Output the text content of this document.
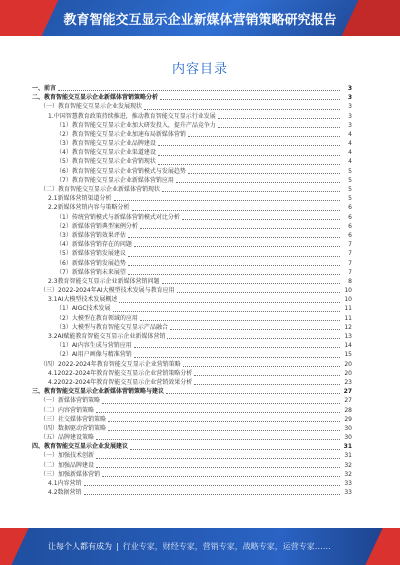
教育智能交互显示企业新媒体营销策略研究报告
内容目录
一、 前言	3
二、 教育智能交互显示企业新媒体营销策略分析	3
（一） 教育智能交互显示企业发展现状	3
1. 中国智慧教育政策持续推进，推动教育智能交互显示行业发展	3
（1） 教育智能交互显示企业加大研发投入，提升产品竞争力	3
（2） 教育智能交互显示企业加速布局新媒体营销	4
（3） 教育智能交互显示企业品牌建设	4
（4） 教育智能交互显示企业渠道建设	4
（5） 教育智能交互显示企业营销现状	4
（6） 教育智能交互显示企业营销模式与发展趋势	5
（7） 教育智能交互显示企业新媒体营销应用	5
（二） 教育智能交互显示企业新媒体营销现状	5
2.1 新媒体营销渠道分析	5
2.2 新媒体营销内容与策略分析	6
（1） 传统营销模式与新媒体营销模式对比分析	6
（2） 新媒体营销典型案例分析	6
（3） 新媒体营销效果评估	6
（4） 新媒体营销存在的问题	7
（5） 新媒体营销发展建议	7
（6） 新媒体营销发展趋势	7
（7） 新媒体营销未来展望	7
2.3 教育智能交互显示企业新媒体营销问题	8
（三） 2022-2024年AI大模型技术发展与教育应用	10
3.1 AI大模型技术发展概述	10
（1） AIGC技术发展	11
（2） 大模型在教育领域的应用	11
（3） 大模型与教育智能交互显示产品融合	12
3.2 AI赋能教育智能交互显示企业新媒体营销	13
（1） AI内容生成与营销应用	14
（2） AI用户画像与精准营销	15
（四） 2022-2024年教育智能交互显示企业营销策略	20
4.1 2022-2024年教育智能交互显示企业营销策略分析	20
4.2 2022-2024年教育智能交互显示企业营销效果分析	23
三、 教育智能交互显示企业新媒体营销策略与建议	27
（一） 新媒体营销策略	27
（二） 内容营销策略	28
（三） 社交媒体营销策略	29
（四） 数据驱动营销策略	30
（五） 品牌建设策略	30
四、 教育智能交互显示企业发展建议	31
（一） 加强技术创新	31
（二） 加强品牌建设	32
（三） 加强新媒体营销	32
4.1 内容营销	33
4.2 数据营销	33
让每个人都有成为 | 行业专家，财经专家，营销专家，战略专家，运营专家……
